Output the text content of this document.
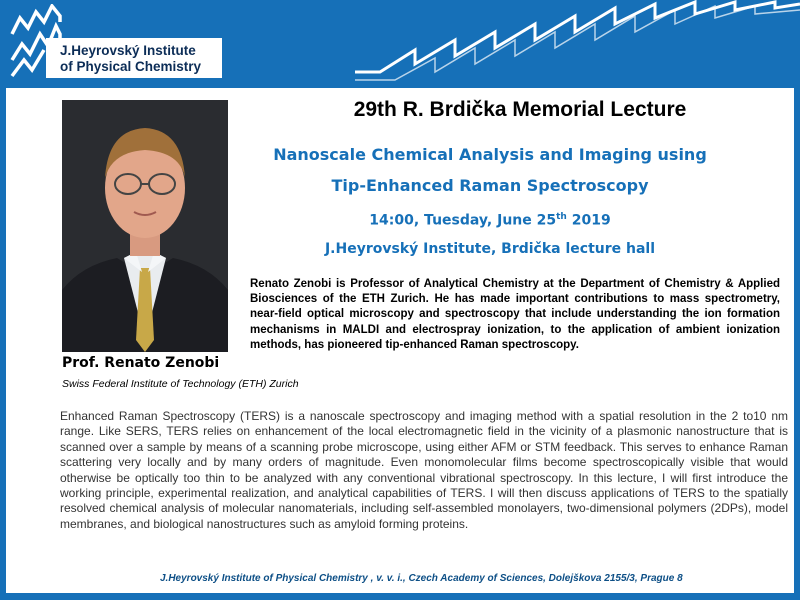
J.Heyrovský Institute
of Physical Chemistry
Prof. Renato Zenobi
Swiss Federal Institute of Technology (ETH) Zurich
29th R. Brdička Memorial Lecture
Nanoscale Chemical Analysis and Imaging using
Tip-Enhanced Raman Spectroscopy
14:00, Tuesday, June 25th 2019
J.Heyrovský Institute, Brdička lecture hall
Renato Zenobi is Professor of Analytical Chemistry at the Department of Chemistry & Applied Biosciences of the ETH Zurich. He has made important contributions to mass spectrometry, near-field optical microscopy and spectroscopy that include understanding the ion formation mechanisms in MALDI and electrospray ionization, to the application of ambient ionization methods, has pioneered tip-enhanced Raman spectroscopy.
Enhanced Raman Spectroscopy (TERS) is a nanoscale spectroscopy and imaging method with a spatial resolution in the 2 to10 nm range. Like SERS, TERS relies on enhancement of the local electromagnetic field in the vicinity of a plasmonic nanostructure that is scanned over a sample by means of a scanning probe microscope, using either AFM or STM feedback. This serves to enhance Raman scattering very locally and by many orders of magnitude. Even monomolecular films become spectroscopically visible that would otherwise be optically too thin to be analyzed with any conventional vibrational spectroscopy. In this lecture, I will first introduce the working principle, experimental realization, and analytical capabilities of TERS. I will then discuss applications of TERS to the spatially resolved chemical analysis of molecular nanomaterials, including self-assembled monolayers, two-dimensional polymers (2DPs), model membranes, and biological nanostructures such as amyloid forming proteins.
J.Heyrovský Institute of Physical Chemistry , v. v. i., Czech Academy of Sciences, Dolejškova 2155/3, Prague 8
